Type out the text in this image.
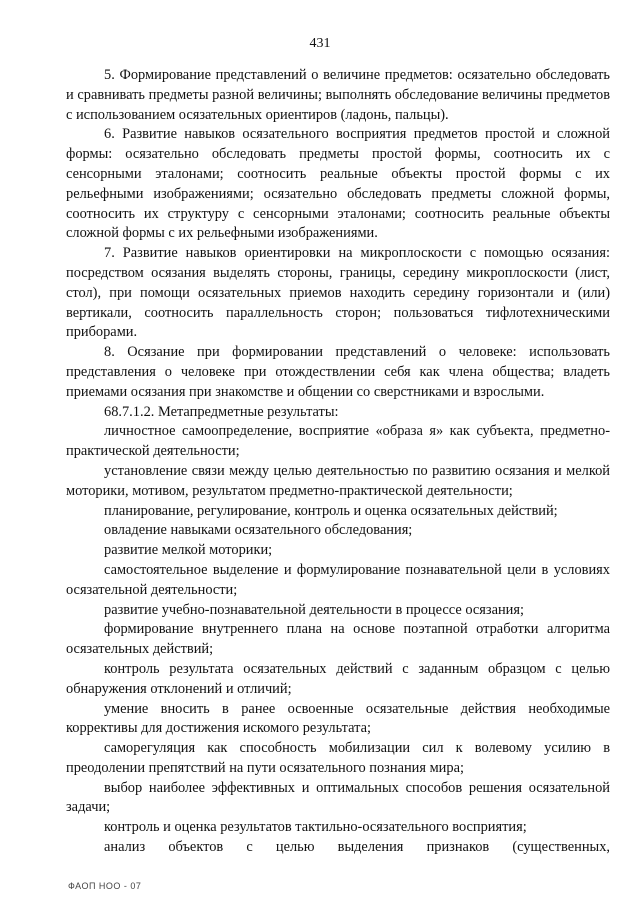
431

5. Формирование представлений о величине предметов: осязательно обследовать и сравнивать предметы разной величины; выполнять обследование величины предметов с использованием осязательных ориентиров (ладонь, пальцы).

6. Развитие навыков осязательного восприятия предметов простой и сложной формы: осязательно обследовать предметы простой формы, соотносить их с сенсорными эталонами; соотносить реальные объекты простой формы с их рельефными изображениями; осязательно обследовать предметы сложной формы, соотносить их структуру с сенсорными эталонами; соотносить реальные объекты сложной формы с их рельефными изображениями.

7. Развитие навыков ориентировки на микроплоскости с помощью осязания: посредством осязания выделять стороны, границы, середину микроплоскости (лист, стол), при помощи осязательных приемов находить середину горизонтали и (или) вертикали, соотносить параллельность сторон; пользоваться тифлотехническими приборами.

8. Осязание при формировании представлений о человеке: использовать представления о человеке при отождествлении себя как члена общества; владеть приемами осязания при знакомстве и общении со сверстниками и взрослыми.

68.7.1.2. Метапредметные результаты:

личностное самоопределение, восприятие «образа я» как субъекта, предметно-практической деятельности;

установление связи между целью деятельностью по развитию осязания и мелкой моторики, мотивом, результатом предметно-практической деятельности;

планирование, регулирование, контроль и оценка осязательных действий;

овладение навыками осязательного обследования;

развитие мелкой моторики;

самостоятельное выделение и формулирование познавательной цели в условиях осязательной деятельности;

развитие учебно-познавательной деятельности в процессе осязания;

формирование внутреннего плана на основе поэтапной отработки алгоритма осязательных действий;

контроль результата осязательных действий с заданным образцом с целью обнаружения отклонений и отличий;

умение вносить в ранее освоенные осязательные действия необходимые коррективы для достижения искомого результата;

саморегуляция как способность мобилизации сил к волевому усилию в преодолении препятствий на пути осязательного познания мира;

выбор наиболее эффективных и оптимальных способов решения осязательной задачи;

контроль и оценка результатов тактильно-осязательного восприятия;

анализ объектов с целью выделения признаков (существенных,

ФАОП НОО - 07
